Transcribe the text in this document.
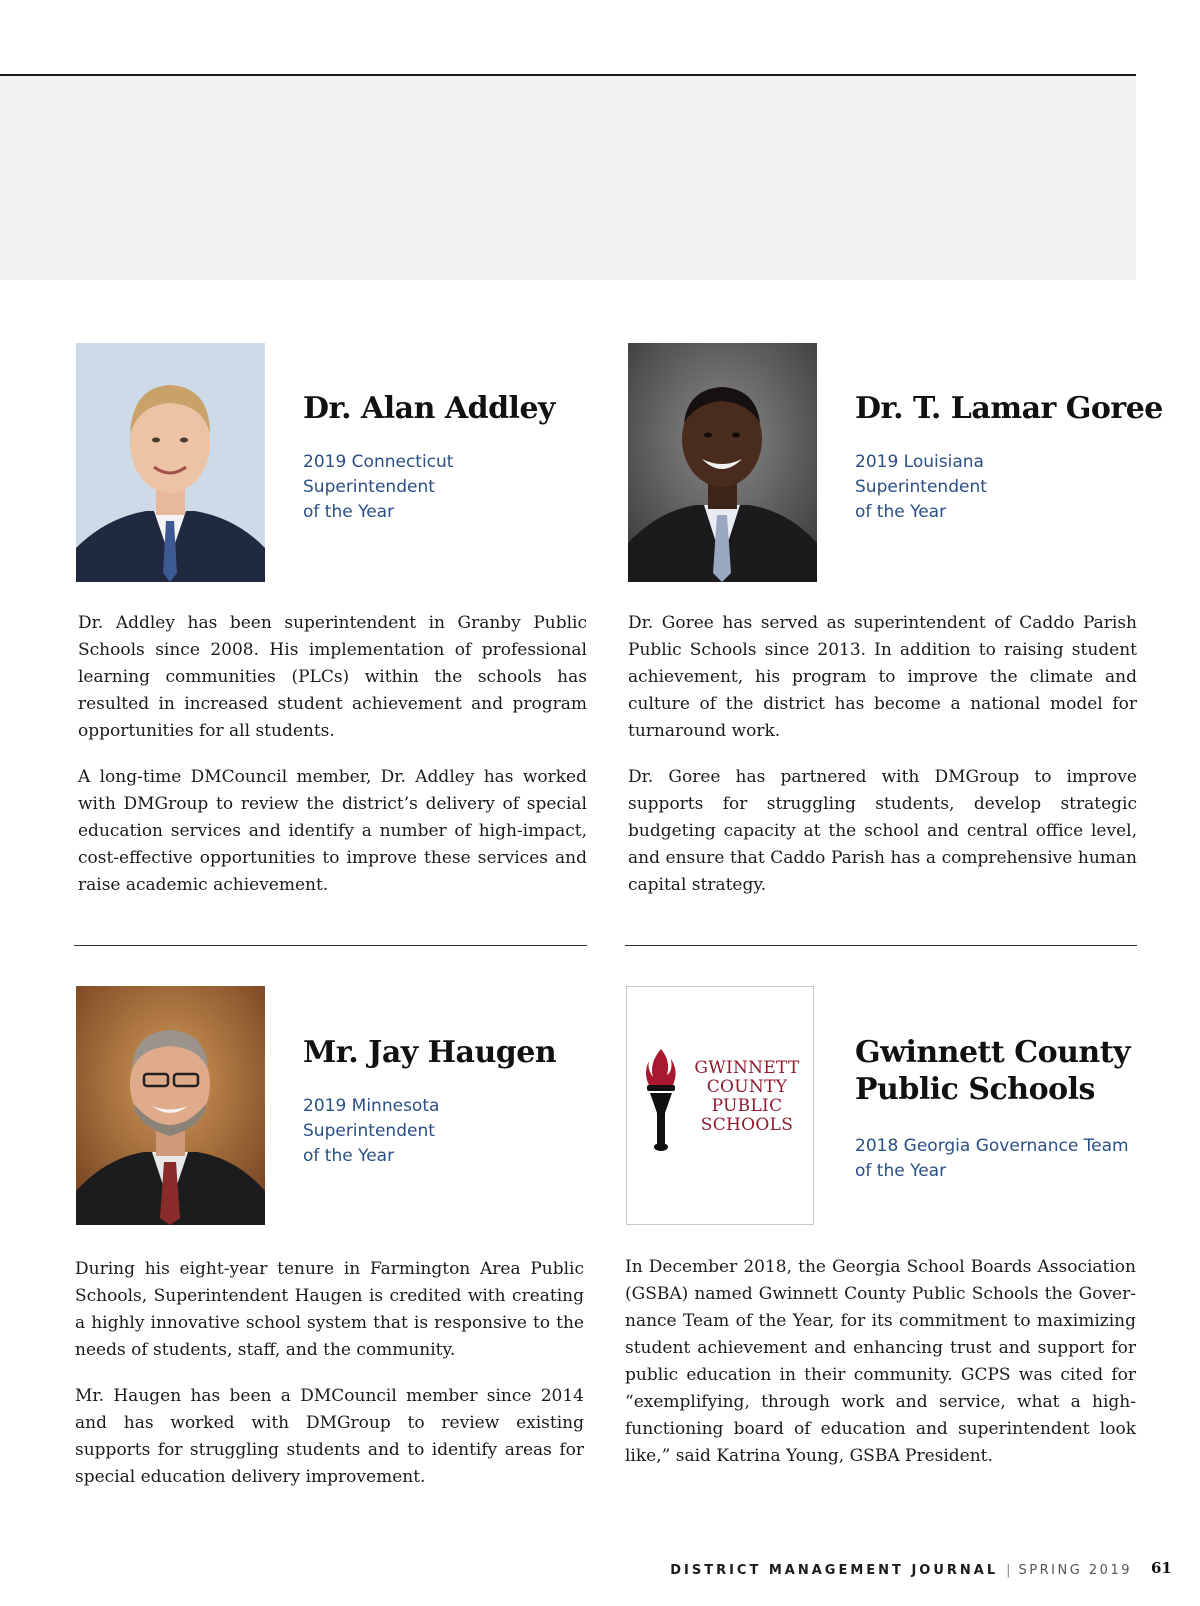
Dr. Alan Addley
2019 Connecticut
Superintendent
of the Year

Dr. Addley has been superintendent in Granby Public Schools since 2008. His implementation of professional learning communities (PLCs) within the schools has resulted in increased student achievement and program opportunities for all students.

A long-time DMCouncil member, Dr. Addley has worked with DMGroup to review the district’s delivery of special education services and identify a number of high-impact, cost-effective opportunities to improve these services and raise academic achievement.

Dr. T. Lamar Goree
2019 Louisiana
Superintendent
of the Year

Dr. Goree has served as superintendent of Caddo Parish Public Schools since 2013. In addition to raising student achievement, his program to improve the climate and culture of the district has become a national model for turnaround work.

Dr. Goree has partnered with DMGroup to improve supports for struggling students, develop strategic budgeting capacity at the school and central office level, and ensure that Caddo Parish has a comprehensive human capital strategy.

Mr. Jay Haugen
2019 Minnesota
Superintendent
of the Year

During his eight-year tenure in Farmington Area Public Schools, Superintendent Haugen is credited with creating a highly innovative school system that is responsive to the needs of students, staff, and the community.

Mr. Haugen has been a DMCouncil member since 2014 and has worked with DMGroup to review existing supports for struggling students and to identify areas for special education delivery improvement.

GWINNETT
COUNTY
PUBLIC
SCHOOLS
Gwinnett County
Public Schools
2018 Georgia Governance Team
of the Year

In December 2018, the Georgia School Boards Association (GSBA) named Gwinnett County Public Schools the Governance Team of the Year, for its commitment to maximizing student achievement and enhancing trust and support for public education in their community. GCPS was cited for “exemplifying, through work and service, what a high-functioning board of education and superintendent look like,” said Katrina Young, GSBA President.

DISTRICT MANAGEMENT JOURNAL | SPRING 2019 61
